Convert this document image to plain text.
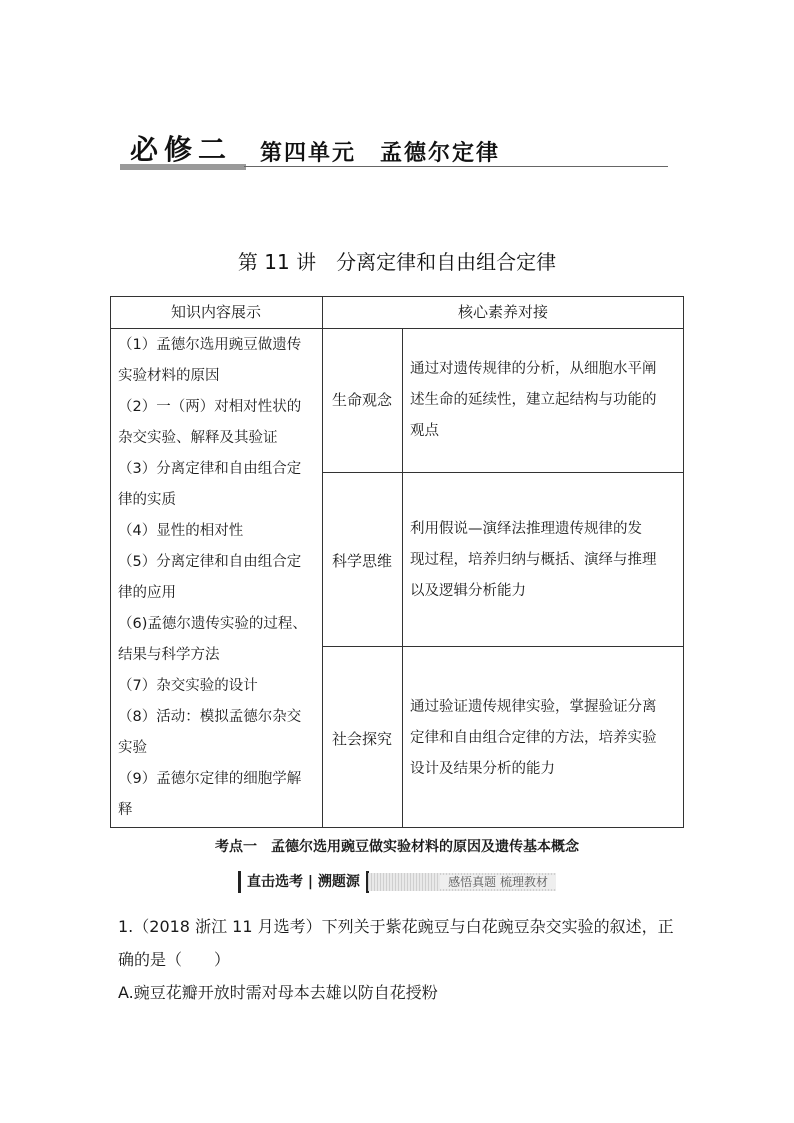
必修二 第四单元　孟德尔定律
第 11 讲　分离定律和自由组合定律
知识内容展示	核心素养对接
（1）孟德尔选用豌豆做遗传
实验材料的原因
（2）一（两）对相对性状的
杂交实验、解释及其验证
（3）分离定律和自由组合定
律的实质
（4）显性的相对性
（5）分离定律和自由组合定
律的应用
（6)孟德尔遗传实验的过程、
结果与科学方法
（7）杂交实验的设计
（8）活动：模拟孟德尔杂交
实验
（9）孟德尔定律的细胞学解
释
生命观念
通过对遗传规律的分析，从细胞水平阐
述生命的延续性，建立起结构与功能的
观点
科学思维
利用假说—演绎法推理遗传规律的发
现过程，培养归纳与概括、演绎与推理
以及逻辑分析能力
社会探究
通过验证遗传规律实验，掌握验证分离
定律和自由组合定律的方法，培养实验
设计及结果分析的能力
考点一　孟德尔选用豌豆做实验材料的原因及遗传基本概念
直击选考 | 溯题源	感悟真题 梳理教材
1.（2018 浙江 11 月选考）下列关于紫花豌豆与白花豌豆杂交实验的叙述，正确的是（　　）
A.豌豆花瓣开放时需对母本去雄以防自花授粉
